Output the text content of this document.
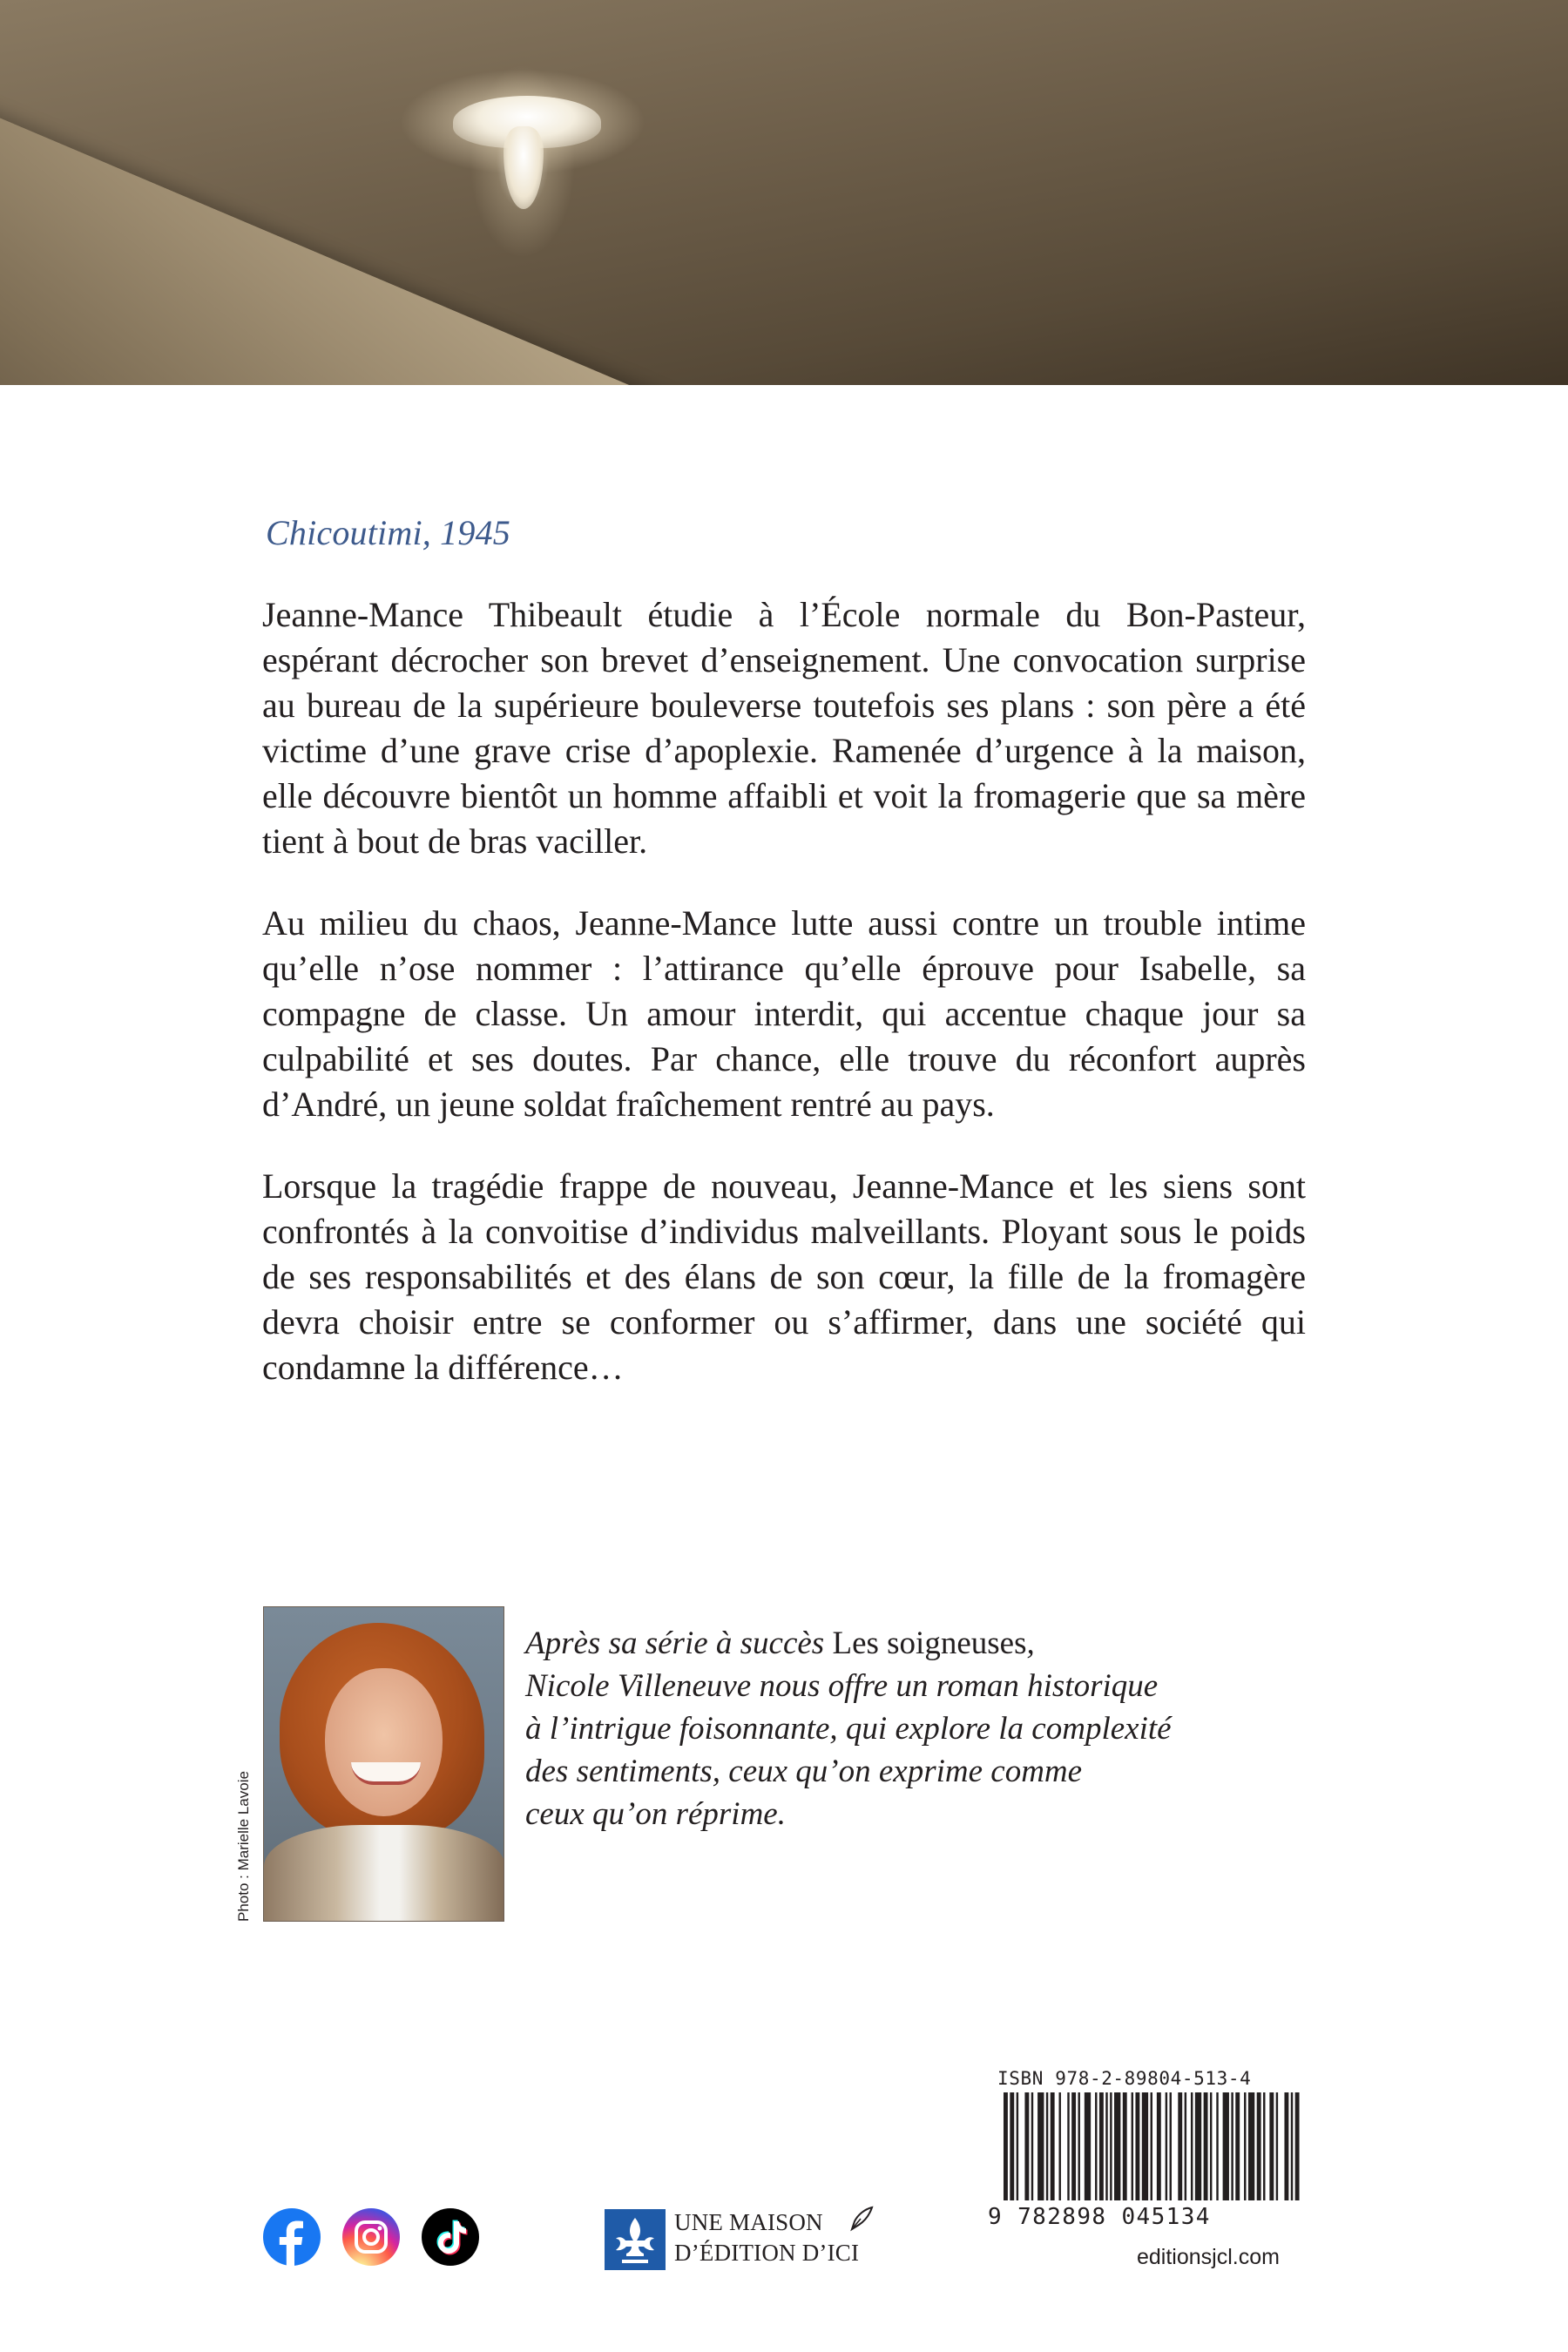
Chicoutimi, 1945

Jeanne-Mance Thibeault étudie à l’École normale du Bon-Pasteur, espérant décrocher son brevet d’enseignement. Une convocation surprise au bureau de la supérieure bouleverse toutefois ses plans : son père a été victime d’une grave crise d’apoplexie. Ramenée d’urgence à la maison, elle découvre bientôt un homme affaibli et voit la fromagerie que sa mère tient à bout de bras vaciller.

Au milieu du chaos, Jeanne-Mance lutte aussi contre un trouble intime qu’elle n’ose nommer : l’attirance qu’elle éprouve pour Isabelle, sa compagne de classe. Un amour interdit, qui accentue chaque jour sa culpabilité et ses doutes. Par chance, elle trouve du réconfort auprès d’André, un jeune soldat fraîchement rentré au pays.

Lorsque la tragédie frappe de nouveau, Jeanne-Mance et les siens sont confrontés à la convoitise d’individus malveillants. Ployant sous le poids de ses responsabilités et des élans de son cœur, la fille de la fromagère devra choisir entre se conformer ou s’affirmer, dans une société qui condamne la différence…

Photo : Marielle Lavoie
Après sa série à succès Les soigneuses,
Nicole Villeneuve nous offre un roman historique
à l’intrigue foisonnante, qui explore la complexité
des sentiments, ceux qu’on exprime comme
ceux qu’on réprime.
ISBN 978-2-89804-513-4
9 782898 045134
editionsjcl.com
UNE MAISON
D’ÉDITION D’ICI
